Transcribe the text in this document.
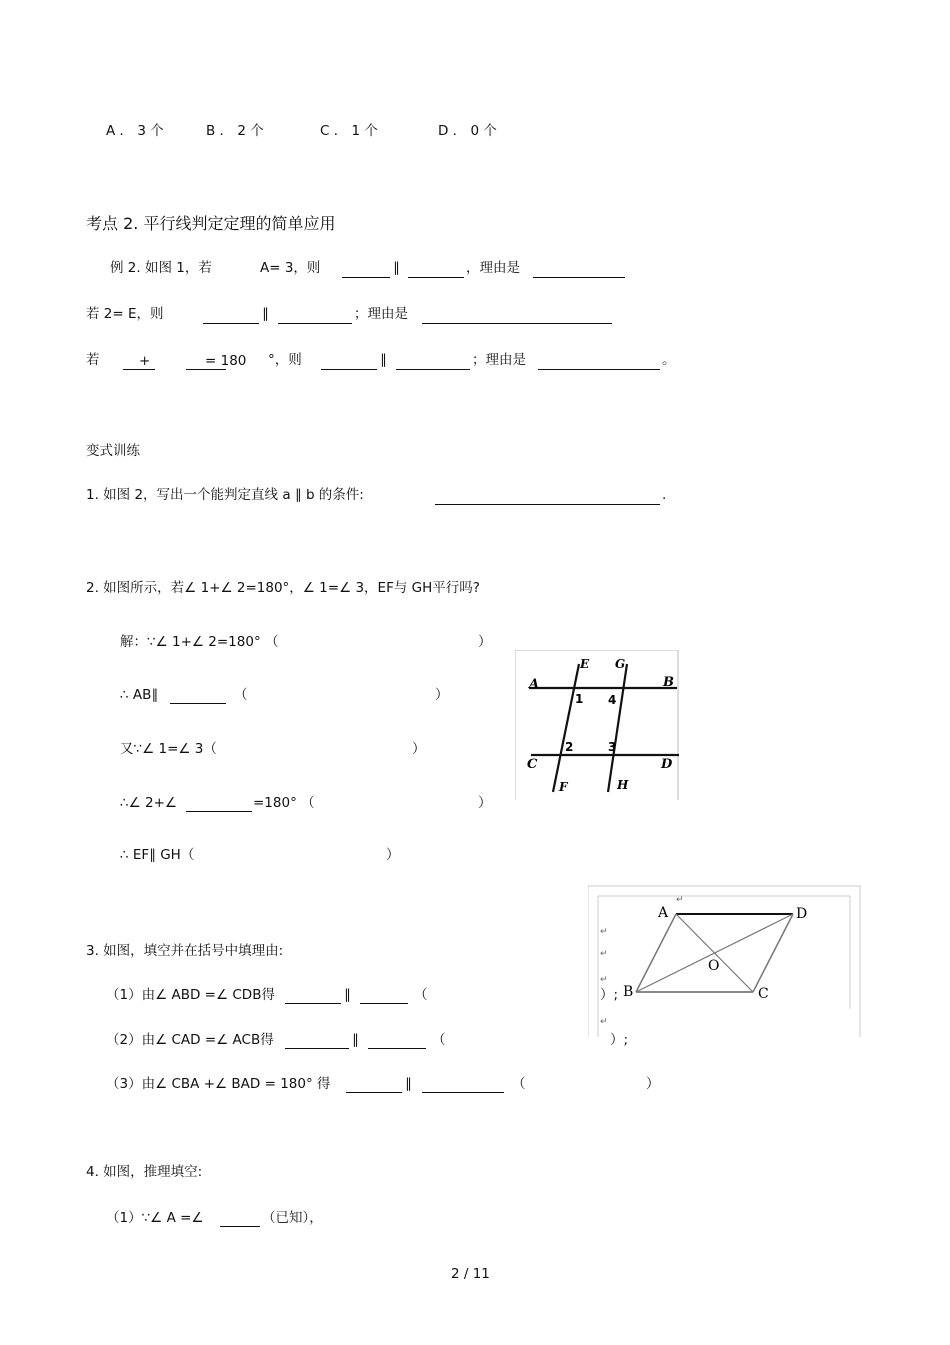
A ． 3 个	B ． 2 个	C ． 1 个	D ． 0 个
考点 2. 平行线判定定理的简单应用
例 2. 如图 1，若	A= 3，则	∥	，理由是
若 2= E，则	∥	；理由是
若	+	= 180 °，则	∥	；理由是	。
变式训练
1. 如图 2，写出一个能判定直线 a ∥ b 的条件:	.
2. 如图所示，若∠ 1+∠ 2=180°，∠ 1=∠ 3，EF与 GH平行吗?
解：∵∠ 1+∠ 2=180° （	）
∴ AB∥	（	）
又∵∠ 1=∠ 3（	）
∴∠ 2+∠	=180° （	）
∴ EF∥ GH（	）
A	B
C	D
E
F
G
H
1
2	3
4
3. 如图，填空并在括号中填理由:
（1）由∠ ABD =∠ CDB得	∥	（	）;
（2）由∠ CAD =∠ ACB得	∥	（	）;
（3）由∠ CBA +∠ BAD = 180° 得	∥	（	）
A	D
B	C
O
↵
↵
↵
↵
↵
4. 如图，推理填空:
（1）∵∠ A =∠	（已知），
2 / 11
